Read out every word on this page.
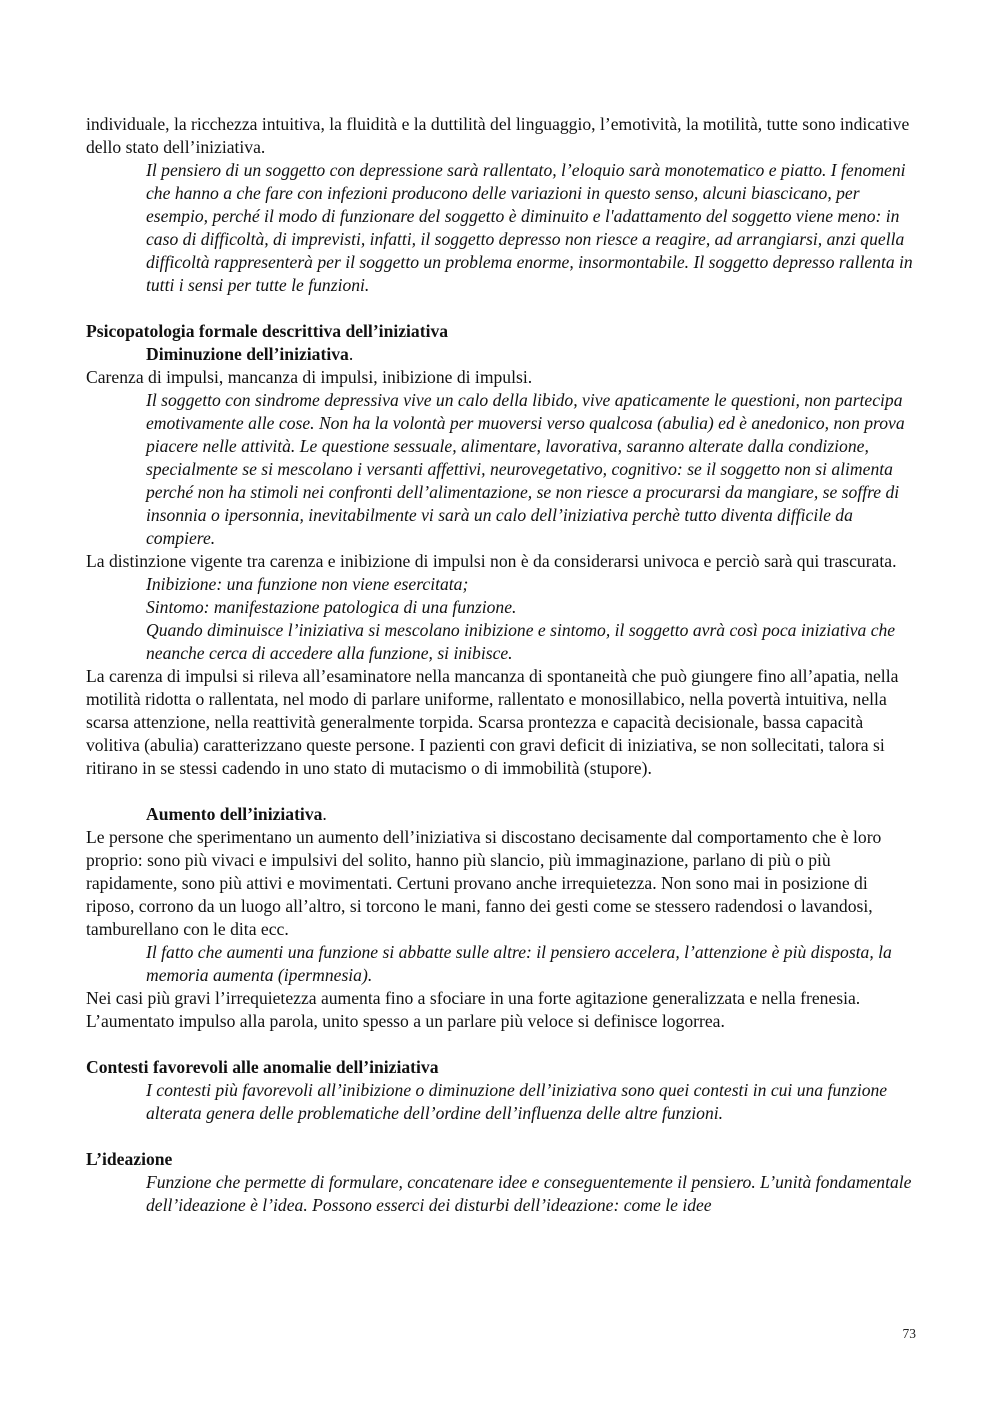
individuale, la ricchezza intuitiva, la fluidità e la duttilità del linguaggio, l’emotività, la motilità, tutte sono indicative dello stato dell’iniziativa.

Il pensiero di un soggetto con depressione sarà rallentato, l’eloquio sarà monotematico e piatto. I fenomeni che hanno a che fare con infezioni producono delle variazioni in questo senso, alcuni biascicano, per esempio, perché il modo di funzionare del soggetto è diminuito e l'adattamento del soggetto viene meno: in caso di difficoltà, di imprevisti, infatti, il soggetto depresso non riesce a reagire, ad arrangiarsi, anzi quella difficoltà rappresenterà per il soggetto un problema enorme, insormontabile. Il soggetto depresso rallenta in tutti i sensi per tutte le funzioni.

Psicopatologia formale descrittiva dell’iniziativa

Diminuzione dell’iniziativa.

Carenza di impulsi, mancanza di impulsi, inibizione di impulsi.

Il soggetto con sindrome depressiva vive un calo della libido, vive apaticamente le questioni, non partecipa emotivamente alle cose. Non ha la volontà per muoversi verso qualcosa (abulia) ed è anedonico, non prova piacere nelle attività. Le questione sessuale, alimentare, lavorativa, saranno alterate dalla condizione, specialmente se si mescolano i versanti affettivi, neurovegetativo, cognitivo: se il soggetto non si alimenta perché non ha stimoli nei confronti dell’alimentazione, se non riesce a procurarsi da mangiare, se soffre di insonnia o ipersonnia, inevitabilmente vi sarà un calo dell’iniziativa perchè tutto diventa difficile da compiere.

La distinzione vigente tra carenza e inibizione di impulsi non è da considerarsi univoca e perciò sarà qui trascurata.

Inibizione: una funzione non viene esercitata;

Sintomo: manifestazione patologica di una funzione.

Quando diminuisce l’iniziativa si mescolano inibizione e sintomo, il soggetto avrà così poca iniziativa che neanche cerca di accedere alla funzione, si inibisce.

La carenza di impulsi si rileva all’esaminatore nella mancanza di spontaneità che può giungere fino all’apatia, nella motilità ridotta o rallentata, nel modo di parlare uniforme, rallentato e monosillabico, nella povertà intuitiva, nella scarsa attenzione, nella reattività generalmente torpida. Scarsa prontezza e capacità decisionale, bassa capacità volitiva (abulia) caratterizzano queste persone. I pazienti con gravi deficit di iniziativa, se non sollecitati, talora si ritirano in se stessi cadendo in uno stato di mutacismo o di immobilità (stupore).

Aumento dell’iniziativa.

Le persone che sperimentano un aumento dell’iniziativa si discostano decisamente dal comportamento che è loro proprio: sono più vivaci e impulsivi del solito, hanno più slancio, più immaginazione, parlano di più o più rapidamente, sono più attivi e movimentati. Certuni provano anche irrequietezza. Non sono mai in posizione di riposo, corrono da un luogo all’altro, si torcono le mani, fanno dei gesti come se stessero radendosi o lavandosi, tamburellano con le dita ecc.

Il fatto che aumenti una funzione si abbatte sulle altre: il pensiero accelera, l’attenzione è più disposta, la memoria aumenta (ipermnesia).

Nei casi più gravi l’irrequietezza aumenta fino a sfociare in una forte agitazione generalizzata e nella frenesia. L’aumentato impulso alla parola, unito spesso a un parlare più veloce si definisce logorrea.

Contesti favorevoli alle anomalie dell’iniziativa

I contesti più favorevoli all’inibizione o diminuzione dell’iniziativa sono quei contesti in cui una funzione alterata genera delle problematiche dell’ordine dell’influenza delle altre funzioni.

L’ideazione

Funzione che permette di formulare, concatenare idee e conseguentemente il pensiero. L’unità fondamentale dell’ideazione è l’idea. Possono esserci dei disturbi dell’ideazione: come le idee

73
